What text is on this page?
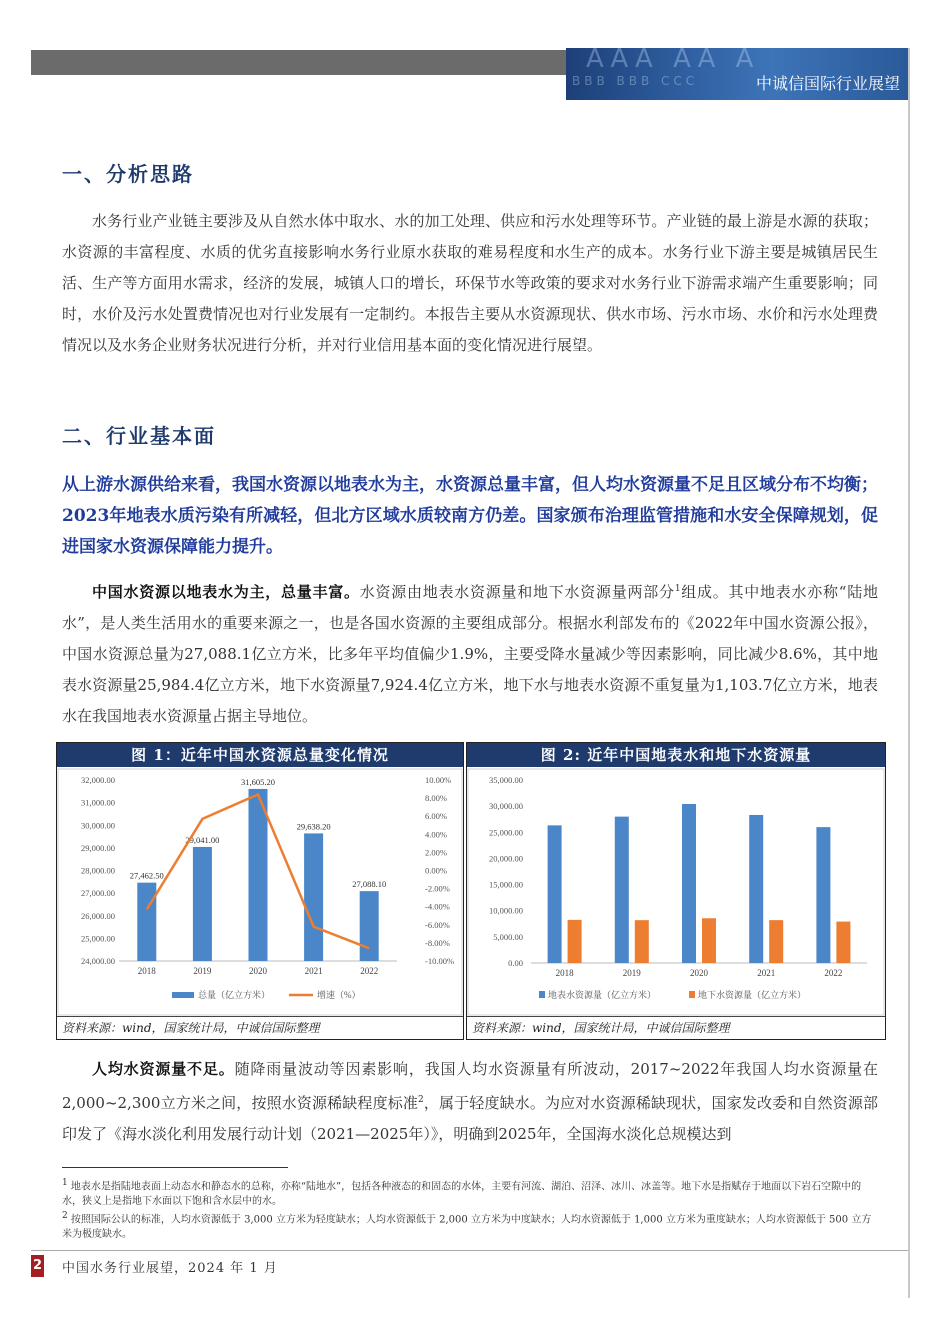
AAA AA A
BBB BBB CCC	中诚信国际行业展望
一、分析思路
水务行业产业链主要涉及从自然水体中取水、水的加工处理、供应和污水处理等环节。产业链的最上游是水源的获取；水资源的丰富程度、水质的优劣直接影响水务行业原水获取的难易程度和水生产的成本。水务行业下游主要是城镇居民生活、生产等方面用水需求，经济的发展，城镇人口的增长，环保节水等政策的要求对水务行业下游需求端产生重要影响；同时，水价及污水处置费情况也对行业发展有一定制约。本报告主要从水资源现状、供水市场、污水市场、水价和污水处理费情况以及水务企业财务状况进行分析，并对行业信用基本面的变化情况进行展望。
二、行业基本面
从上游水源供给来看，我国水资源以地表水为主，水资源总量丰富，但人均水资源量不足且区域分布不均衡；2023年地表水质污染有所减轻，但北方区域水质较南方仍差。国家颁布治理监管措施和水安全保障规划，促进国家水资源保障能力提升。
中国水资源以地表水为主，总量丰富。水资源由地表水资源量和地下水资源量两部分$^1$组成。其中地表水亦称“陆地水”，是人类生活用水的重要来源之一，也是各国水资源的主要组成部分。根据水利部发布的《2022年中国水资源公报》，中国水资源总量为27,088.1亿立方米，比多年平均值偏少1.9%，主要受降水量减少等因素影响，同比减少8.6%，其中地表水资源量25,984.4亿立方米，地下水资源量7,924.4亿立方米，地下水与地表水资源不重复量为1,103.7亿立方米，地表水在我国地表水资源量占据主导地位。
图 1：近年中国水资源总量变化情况
32,000.00
31,000.00
30,000.00
29,000.00
28,000.00
27,000.00
26,000.00
25,000.00
24,000.00
10.00%
8.00%
6.00%
4.00%
2.00%
0.00%
-2.00%
-4.00%
-6.00%
-8.00%
-10.00%
27,462.50
2018
29,041.00
2019
31,605.20
2020
29,638.20
2021
27,088.10
2022
总量（亿立方米）	增速（%）
资料来源：wind，国家统计局，中诚信国际整理
图 2: 近年中国地表水和地下水资源量
35,000.00
30,000.00
25,000.00
20,000.00
15,000.00
10,000.00
5,000.00
0.00
2018	2019	2020	2021	2022
地表水资源量（亿立方米）	地下水资源量（亿立方米）
资料来源：wind，国家统计局，中诚信国际整理
人均水资源量不足。随降雨量波动等因素影响，我国人均水资源量有所波动，2017~2022年我国人均水资源量在2,000~2,300立方米之间，按照水资源稀缺程度标准$^2$，属于轻度缺水。为应对水资源稀缺现状，国家发改委和自然资源部印发了《海水淡化利用发展行动计划（2021—2025年）》，明确到2025年，全国海水淡化总规模达到
$^1$ 地表水是指陆地表面上动态水和静态水的总称，亦称“陆地水”，包括各种液态的和固态的水体，主要有河流、湖泊、沼泽、冰川、冰盖等。地下水是指赋存于地面以下岩石空隙中的水，狭义上是指地下水面以下饱和含水层中的水。
$^2$ 按照国际公认的标准，人均水资源低于 3,000 立方米为轻度缺水；人均水资源低于 2,000 立方米为中度缺水；人均水资源低于 1,000 立方米为重度缺水；人均水资源低于 500 立方米为极度缺水。
2 中国水务行业展望，2024 年 1 月
